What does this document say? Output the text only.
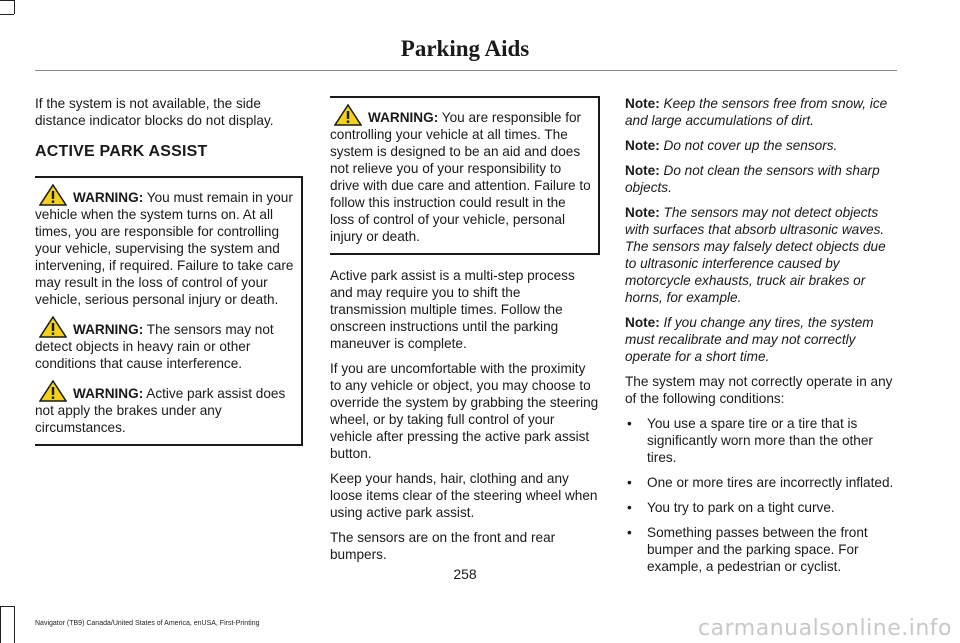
Parking Aids

If the system is not available, the side distance indicator blocks do not display.

ACTIVE PARK ASSIST

WARNING: You must remain in your vehicle when the system turns on. At all times, you are responsible for controlling your vehicle, supervising the system and intervening, if required. Failure to take care may result in the loss of control of your vehicle, serious personal injury or death.

WARNING: The sensors may not detect objects in heavy rain or other conditions that cause interference.

WARNING: Active park assist does not apply the brakes under any circumstances.

WARNING: You are responsible for controlling your vehicle at all times. The system is designed to be an aid and does not relieve you of your responsibility to drive with due care and attention. Failure to follow this instruction could result in the loss of control of your vehicle, personal injury or death.

Active park assist is a multi-step process and may require you to shift the transmission multiple times. Follow the onscreen instructions until the parking maneuver is complete.

If you are uncomfortable with the proximity to any vehicle or object, you may choose to override the system by grabbing the steering wheel, or by taking full control of your vehicle after pressing the active park assist button.

Keep your hands, hair, clothing and any loose items clear of the steering wheel when using active park assist.

The sensors are on the front and rear bumpers.

Note: Keep the sensors free from snow, ice and large accumulations of dirt.

Note: Do not cover up the sensors.

Note: Do not clean the sensors with sharp objects.

Note: The sensors may not detect objects with surfaces that absorb ultrasonic waves. The sensors may falsely detect objects due to ultrasonic interference caused by motorcycle exhausts, truck air brakes or horns, for example.

Note: If you change any tires, the system must recalibrate and may not correctly operate for a short time.

The system may not correctly operate in any of the following conditions:

• You use a spare tire or a tire that is significantly worn more than the other tires.
• One or more tires are incorrectly inflated.
• You try to park on a tight curve.
• Something passes between the front bumper and the parking space. For example, a pedestrian or cyclist.
258
Navigator (TB9) Canada/United States of America, enUSA, First-Printing	carmanualsonline.info
